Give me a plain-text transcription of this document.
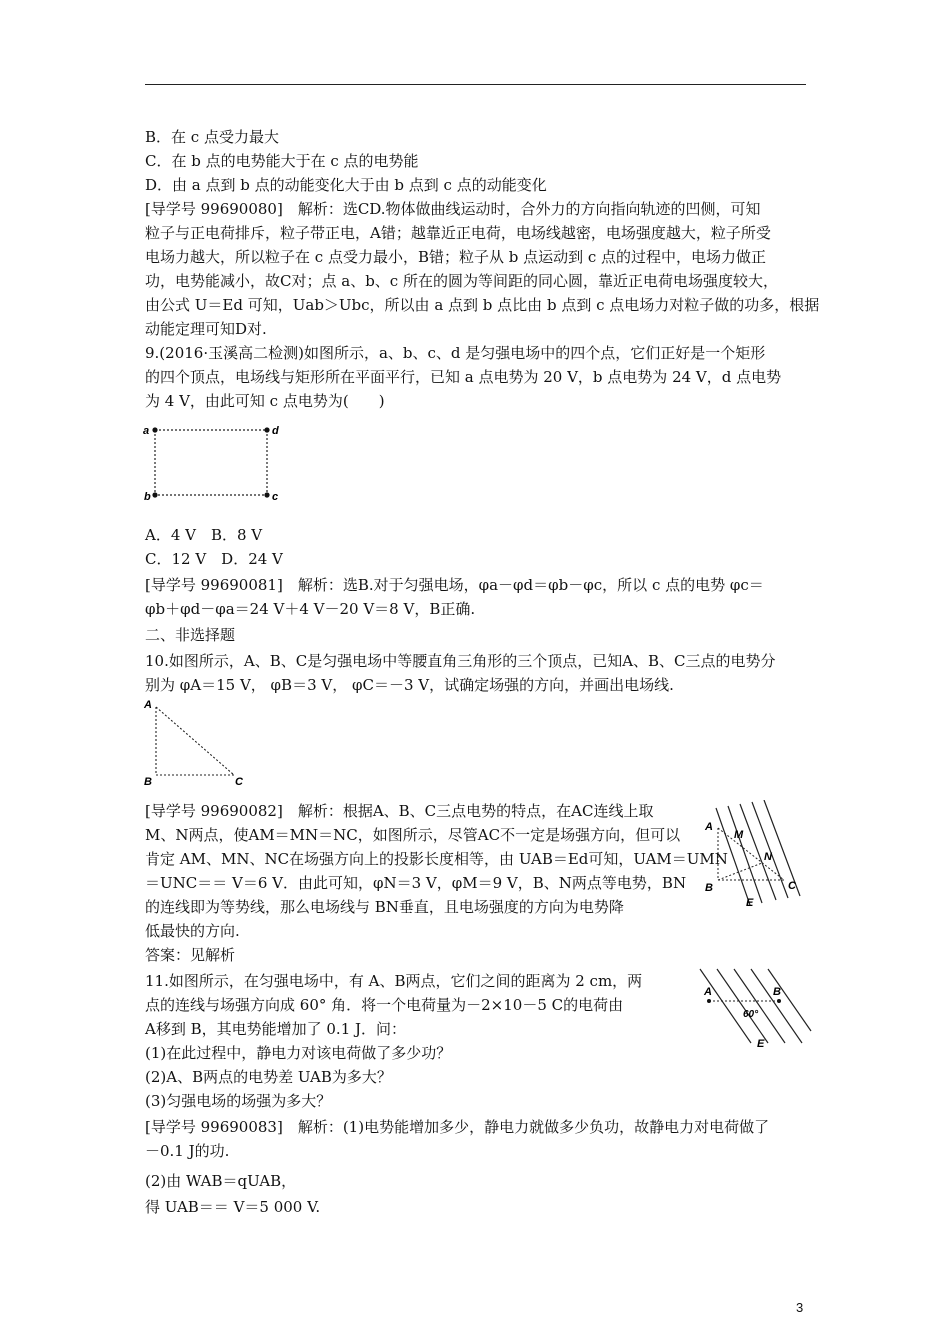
B．在 c 点受力最大
C．在 b 点的电势能大于在 c 点的电势能
D．由 a 点到 b 点的动能变化大于由 b 点到 c 点的动能变化
[导学号 99690080]　解析：选CD.物体做曲线运动时，合外力的方向指向轨迹的凹侧，可知
粒子与正电荷排斥，粒子带正电，A错；越靠近正电荷，电场线越密，电场强度越大，粒子所受
电场力越大，所以粒子在 c 点受力最小，B错；粒子从 b 点运动到 c 点的过程中，电场力做正
功，电势能减小，故C对；点 a、b、c 所在的圆为等间距的同心圆，靠近正电荷电场强度较大，
由公式 U＝Ed 可知，Uab＞Ubc，所以由 a 点到 b 点比由 b 点到 c 点电场力对粒子做的功多，根据
动能定理可知D对.
9.(2016·玉溪高二检测)如图所示，a、b、c、d 是匀强电场中的四个点，它们正好是一个矩形
的四个顶点，电场线与矩形所在平面平行，已知 a 点电势为 20 V，b 点电势为 24 V，d 点电势
为 4 V，由此可知 c 点电势为(　　)
a	d
b	c
A．4 V　B．8 V
C．12 V　D．24 V
[导学号 99690081]　解析：选B.对于匀强电场，φa－φd＝φb－φc，所以 c 点的电势 φc＝
φb＋φd－φa＝24 V＋4 V－20 V＝8 V，B正确.
二、非选择题
10.如图所示，A、B、C是匀强电场中等腰直角三角形的三个顶点，已知A、B、C三点的电势分
别为 φA＝15 V， φB＝3 V， φC＝－3 V，试确定场强的方向，并画出电场线.
A
B	C
[导学号 99690082]　解析：根据A、B、C三点电势的特点，在AC连线上取
M、N两点，使AM＝MN＝NC，如图所示，尽管AC不一定是场强方向，但可以
肯定 AM、MN、NC在场强方向上的投影长度相等，由 UAB＝Ed可知，UAM＝UMN
＝UNC＝＝ V＝6 V．由此可知，φN＝3 V，φM＝9 V，B、N两点等电势，BN
的连线即为等势线，那么电场线与 BN垂直，且电场强度的方向为电势降
低最快的方向.
答案：见解析
A
M
N
B	C
E
11.如图所示，在匀强电场中，有 A、B两点，它们之间的距离为 2 cm，两
点的连线与场强方向成 60° 角．将一个电荷量为－2×10－5 C的电荷由
A移到 B，其电势能增加了 0.1 J．问：
A	B
60°
E
(1)在此过程中，静电力对该电荷做了多少功？
(2)A、B两点的电势差 UAB为多大？
(3)匀强电场的场强为多大？
[导学号 99690083]　解析：(1)电势能增加多少，静电力就做多少负功，故静电力对电荷做了
－0.1 J的功.
(2)由 WAB＝qUAB，
得 UAB＝＝ V＝5 000 V.
3
